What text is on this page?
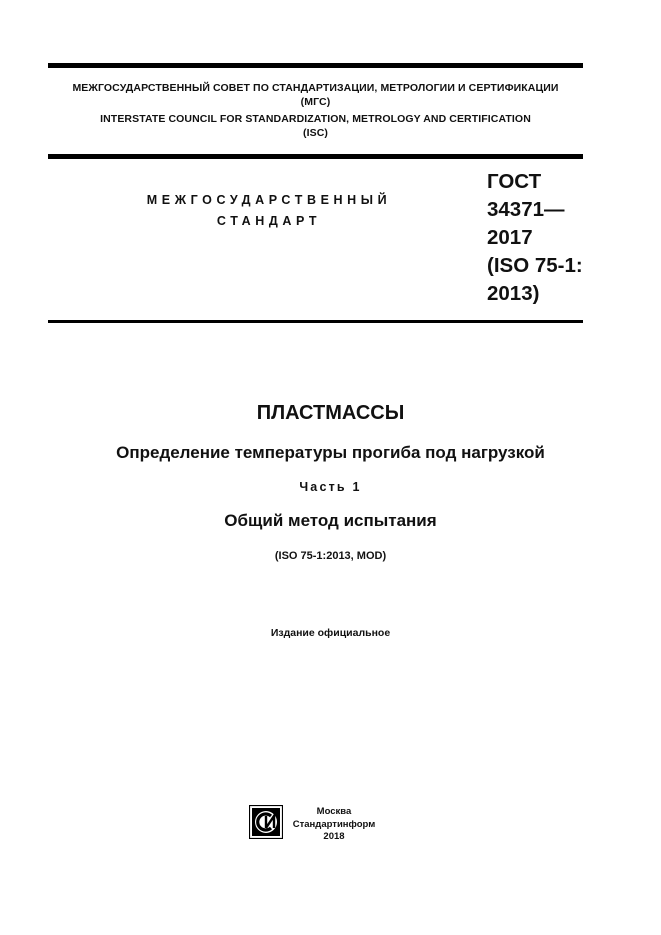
МЕЖГОСУДАРСТВЕННЫЙ СОВЕТ ПО СТАНДАРТИЗАЦИИ, МЕТРОЛОГИИ И СЕРТИФИКАЦИИ
(МГС)
INTERSTATE COUNCIL FOR STANDARDIZATION, METROLOGY AND CERTIFICATION
(ISC)
МЕЖГОСУДАРСТВЕННЫЙ
СТАНДАРТ
ГОСТ
34371—
2017
(ISO 75-1:
2013)
ПЛАСТМАССЫ
Определение температуры прогиба под нагрузкой
Часть 1
Общий метод испытания
(ISO 75-1:2013, MOD)
Издание официальное
Москва
Стандартинформ
2018
